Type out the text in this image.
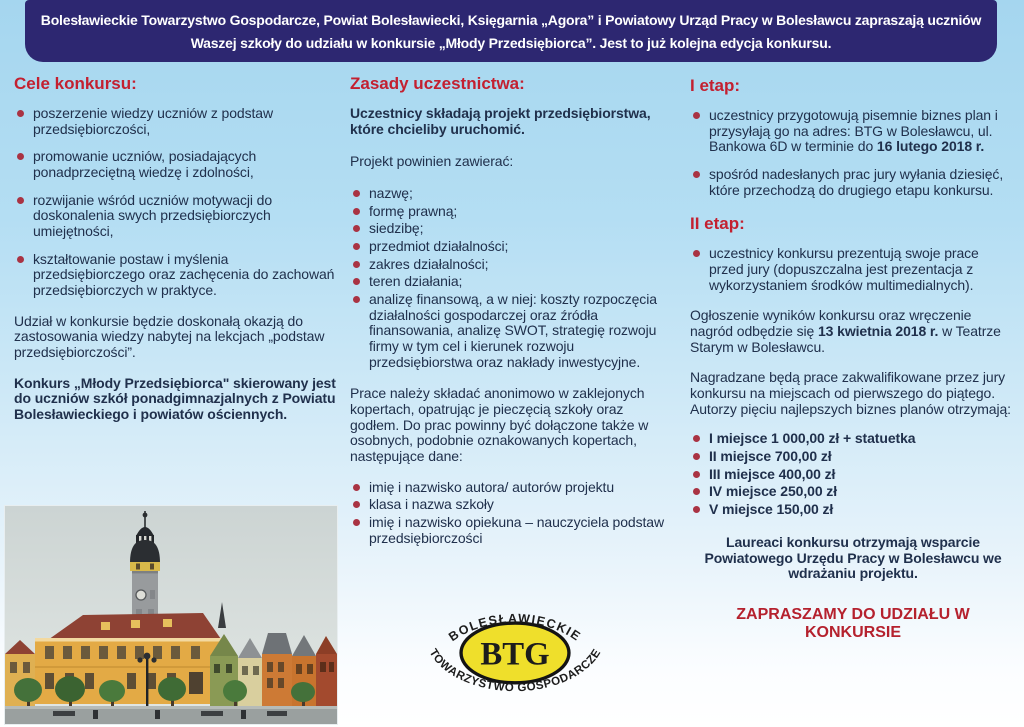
Bolesławieckie Towarzystwo Gospodarcze, Powiat Bolesławiecki, Księgarnia „Agora” i Powiatowy Urząd Pracy w Bolesławcu zapraszają uczniów
Waszej szkoły do udziału w konkursie „Młody Przedsiębiorca”. Jest to już kolejna edycja konkursu.
Cele konkursu:
poszerzenie wiedzy uczniów z podstaw przedsiębiorczości,
promowanie uczniów, posiadających ponadprzeciętną wiedzę i zdolności,
rozwijanie wśród uczniów motywacji do doskonalenia swych przedsiębiorczych umiejętności,
kształtowanie postaw i myślenia przedsiębiorczego oraz zachęcenia do zachowań przedsiębiorczych w praktyce.

Udział w konkursie będzie doskonałą okazją do zastosowania wiedzy nabytej na lekcjach „podstaw przedsiębiorczości”.

Konkurs „Młody Przedsiębiorca" skierowany jest do uczniów szkół ponadgimnazjalnych z Powiatu Bolesławieckiego i powiatów ościennych.

Zasady uczestnictwa:

Uczestnicy składają projekt przedsiębiorstwa, które chcieliby uruchomić.

Projekt powinien zawierać:

nazwę;
formę prawną;
siedzibę;
przedmiot działalności;
zakres działalności;
teren działania;
analizę finansową, a w niej: koszty rozpoczęcia działalności gospodarczej oraz źródła finansowania, analizę SWOT, strategię rozwoju firmy w tym cel i kierunek rozwoju przedsiębiorstwa oraz nakłady inwestycyjne.

Prace należy składać anonimowo w zaklejonych kopertach, opatrując je pieczęcią szkoły oraz godłem. Do prac powinny być dołączone także w osobnych, podobnie oznakowanych kopertach, następujące dane:

imię i nazwisko autora/ autorów projektu
klasa i nazwa szkoły
imię i nazwisko opiekuna – nauczyciela podstaw przedsiębiorczości
I etap:
uczestnicy przygotowują pisemnie biznes plan i przysyłają go na adres: BTG w Bolesławcu, ul. Bankowa 6D w terminie do 16 lutego 2018 r.
spośród nadesłanych prac jury wyłania dziesięć, które przechodzą do drugiego etapu konkursu.
II etap:
uczestnicy konkursu prezentują swoje prace przed jury (dopuszczalna jest prezentacja z wykorzystaniem środków multimedialnych).

Ogłoszenie wyników konkursu oraz wręczenie nagród odbędzie się 13 kwietnia 2018 r. w Teatrze Starym w Bolesławcu.

Nagradzane będą prace zakwalifikowane przez jury konkursu na miejscach od pierwszego do piątego. Autorzy pięciu najlepszych biznes planów otrzymają:

I miejsce 1 000,00 zł + statuetka
II miejsce 700,00 zł
III miejsce 400,00 zł
IV miejsce 250,00 zł
V miejsce 150,00 zł

Laureaci konkursu otrzymają wsparcie Powiatowego Urzędu Pracy w Bolesławcu we wdrażaniu projektu.

ZAPRASZAMY DO UDZIAŁU W KONKURSIE
BTG
BOLESŁAWIECKIE
TOWARZYSTWO GOSPODARCZE
